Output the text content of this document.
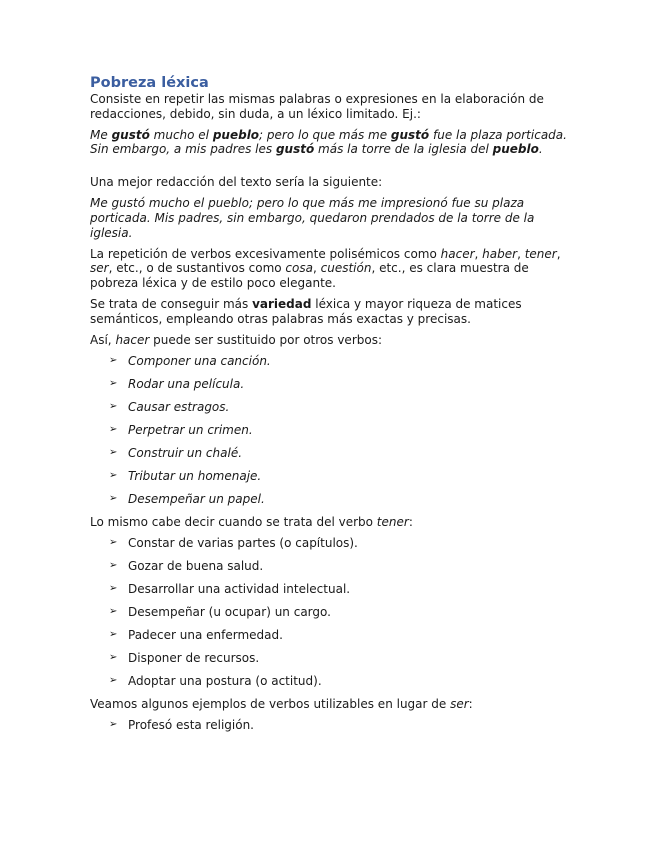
Pobreza léxica

Consiste en repetir las mismas palabras o expresiones en la elaboración de redacciones, debido, sin duda, a un léxico limitado. Ej.:

Me gustó mucho el pueblo; pero lo que más me gustó fue la plaza porticada. Sin embargo, a mis padres les gustó más la torre de la iglesia del pueblo.

Una mejor redacción del texto sería la siguiente:

Me gustó mucho el pueblo; pero lo que más me impresionó fue su plaza porticada. Mis padres, sin embargo, quedaron prendados de la torre de la iglesia.

La repetición de verbos excesivamente polisémicos como hacer, haber, tener, ser, etc., o de sustantivos como cosa, cuestión, etc., es clara muestra de pobreza léxica y de estilo poco elegante.

Se trata de conseguir más variedad léxica y mayor riqueza de matices semánticos, empleando otras palabras más exactas y precisas.

Así, hacer puede ser sustituido por otros verbos:

➢ Componer una canción.
➢ Rodar una película.
➢ Causar estragos.
➢ Perpetrar un crimen.
➢ Construir un chalé.
➢ Tributar un homenaje.
➢ Desempeñar un papel.

Lo mismo cabe decir cuando se trata del verbo tener:

➢ Constar de varias partes (o capítulos).
➢ Gozar de buena salud.
➢ Desarrollar una actividad intelectual.
➢ Desempeñar (u ocupar) un cargo.
➢ Padecer una enfermedad.
➢ Disponer de recursos.
➢ Adoptar una postura (o actitud).

Veamos algunos ejemplos de verbos utilizables en lugar de ser:

➢ Profesó esta religión.
